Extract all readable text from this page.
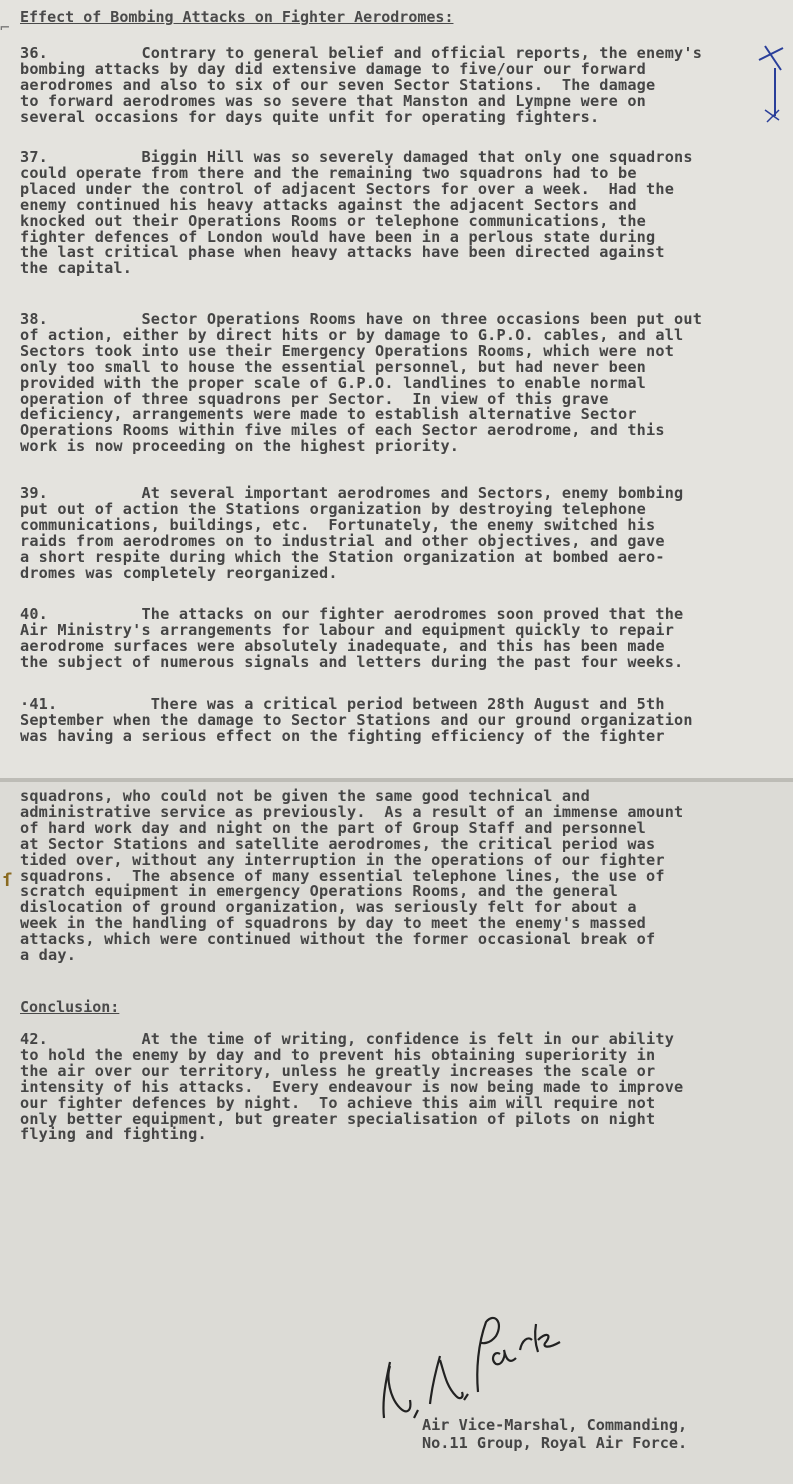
⌐
Effect of Bombing Attacks on Fighter Aerodromes:
36.          Contrary to general belief and official reports, the enemy's
bombing attacks by day did extensive damage to five/our our forward
aerodromes and also to six of our seven Sector Stations.  The damage
to forward aerodromes was so severe that Manston and Lympne were on
several occasions for days quite unfit for operating fighters.
37.          Biggin Hill was so severely damaged that only one squadrons
could operate from there and the remaining two squadrons had to be
placed under the control of adjacent Sectors for over a week.  Had the
enemy continued his heavy attacks against the adjacent Sectors and
knocked out their Operations Rooms or telephone communications, the
fighter defences of London would have been in a perlous state during
the last critical phase when heavy attacks have been directed against
the capital.
38.          Sector Operations Rooms have on three occasions been put out
of action, either by direct hits or by damage to G.P.O. cables, and all
Sectors took into use their Emergency Operations Rooms, which were not
only too small to house the essential personnel, but had never been
provided with the proper scale of G.P.O. landlines to enable normal
operation of three squadrons per Sector.  In view of this grave
deficiency, arrangements were made to establish alternative Sector
Operations Rooms within five miles of each Sector aerodrome, and this
work is now proceeding on the highest priority.
39.          At several important aerodromes and Sectors, enemy bombing
put out of action the Stations organization by destroying telephone
communications, buildings, etc.  Fortunately, the enemy switched his
raids from aerodromes on to industrial and other objectives, and gave
a short respite during which the Station organization at bombed aero-
dromes was completely reorganized.
40.          The attacks on our fighter aerodromes soon proved that the
Air Ministry's arrangements for labour and equipment quickly to repair
aerodrome surfaces were absolutely inadequate, and this has been made
the subject of numerous signals and letters during the past four weeks.
·41.          There was a critical period between 28th August and 5th
September when the damage to Sector Stations and our ground organization
was having a serious effect on the fighting efficiency of the fighter
squadrons, who could not be given the same good technical and
administrative service as previously.  As a result of an immense amount
of hard work day and night on the part of Group Staff and personnel
at Sector Stations and satellite aerodromes, the critical period was
tided over, without any interruption in the operations of our fighter
squadrons.  The absence of many essential telephone lines, the use of
scratch equipment in emergency Operations Rooms, and the general
dislocation of ground organization, was seriously felt for about a
week in the handling of squadrons by day to meet the enemy's massed
attacks, which were continued without the former occasional break of
a day.
Conclusion:
42.          At the time of writing, confidence is felt in our ability
to hold the enemy by day and to prevent his obtaining superiority in
the air over our territory, unless he greatly increases the scale or
intensity of his attacks.  Every endeavour is now being made to improve
our fighter defences by night.  To achieve this aim will require not
only better equipment, but greater specialisation of pilots on night
flying and fighting.
ſ
Air Vice-Marshal, Commanding,
No.11 Group, Royal Air Force.
